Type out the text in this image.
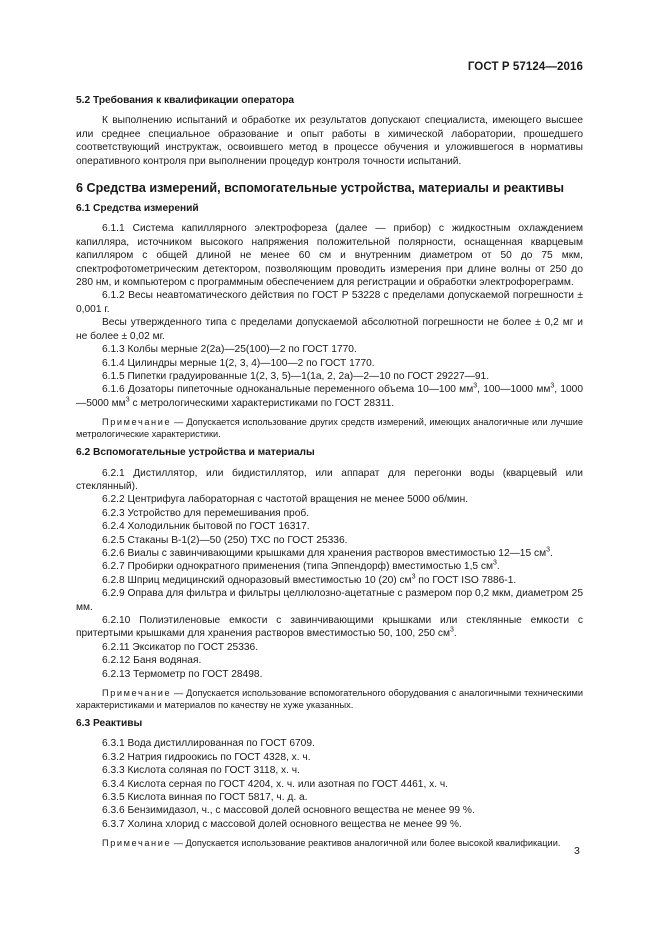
ГОСТ Р 57124—2016
5.2 Требования к квалификации оператора

К выполнению испытаний и обработке их результатов допускают специалиста, имеющего высшее или среднее специальное образование и опыт работы в химической лаборатории, прошедшего соответствующий инструктаж, освоившего метод в процессе обучения и уложившегося в нормативы оперативного контроля при выполнении процедур контроля точности испытаний.

6 Средства измерений, вспомогательные устройства, материалы и реактивы
6.1 Средства измерений

6.1.1 Система капиллярного электрофореза (далее — прибор) с жидкостным охлаждением капилляра, источником высокого напряжения положительной полярности, оснащенная кварцевым капилляром с общей длиной не менее 60 см и внутренним диаметром от 50 до 75 мкм, спектрофотометрическим детектором, позволяющим проводить измерения при длине волны от 250 до 280 нм, и компьютером с программным обеспечением для регистрации и обработки электрофореграмм.

6.1.2 Весы неавтоматического действия по ГОСТ Р 53228 с пределами допускаемой погрешности ± 0,001 г.

Весы утвержденного типа с пределами допускаемой абсолютной погрешности не более ± 0,2 мг и не более ± 0,02 мг.

6.1.3 Колбы мерные 2(2а)—25(100)—2 по ГОСТ 1770.

6.1.4 Цилиндры мерные 1(2, 3, 4)—100—2 по ГОСТ 1770.

6.1.5 Пипетки градуированные 1(2, 3, 5)—1(1а, 2, 2а)—2—10 по ГОСТ 29227—91.

6.1.6 Дозаторы пипеточные одноканальные переменного объема 10—100 $мм^3$, 100—1000 $мм^3$, 1000—5000 $мм^3$ с метрологическими характеристиками по ГОСТ 28311.

Примечание — Допускается использование других средств измерений, имеющих аналогичные или лучшие метрологические характеристики.

6.2 Вспомогательные устройства и материалы

6.2.1 Дистиллятор, или бидистиллятор, или аппарат для перегонки воды (кварцевый или стеклянный).

6.2.2 Центрифуга лабораторная с частотой вращения не менее 5000 об/мин.

6.2.3 Устройство для перемешивания проб.

6.2.4 Холодильник бытовой по ГОСТ 16317.

6.2.5 Стаканы В-1(2)—50 (250) ТХС по ГОСТ 25336.

6.2.6 Виалы с завинчивающими крышками для хранения растворов вместимостью 12—15 $см^3$.

6.2.7 Пробирки однократного применения (типа Эппендорф) вместимостью 1,5 $см^3$.

6.2.8 Шприц медицинский одноразовый вместимостью 10 (20) $см^3$ по ГОСТ ISO 7886-1.

6.2.9 Оправа для фильтра и фильтры целлюлозно-ацетатные с размером пор 0,2 мкм, диаметром 25 мм.

6.2.10 Полиэтиленовые емкости с завинчивающими крышками или стеклянные емкости с притертыми крышками для хранения растворов вместимостью 50, 100, 250 $см^3$.

6.2.11 Эксикатор по ГОСТ 25336.

6.2.12 Баня водяная.

6.2.13 Термометр по ГОСТ 28498.

Примечание — Допускается использование вспомогательного оборудования с аналогичными техническими характеристиками и материалов по качеству не хуже указанных.

6.3 Реактивы

6.3.1 Вода дистиллированная по ГОСТ 6709.

6.3.2 Натрия гидроокись по ГОСТ 4328, х. ч.

6.3.3 Кислота соляная по ГОСТ 3118, х. ч.

6.3.4 Кислота серная по ГОСТ 4204, х. ч. или азотная по ГОСТ 4461, х. ч.

6.3.5 Кислота винная по ГОСТ 5817, ч. д. а.

6.3.6 Бензимидазол, ч., с массовой долей основного вещества не менее 99 %.

6.3.7 Холина хлорид с массовой долей основного вещества не менее 99 %.

Примечание — Допускается использование реактивов аналогичной или более высокой квалификации.

3
